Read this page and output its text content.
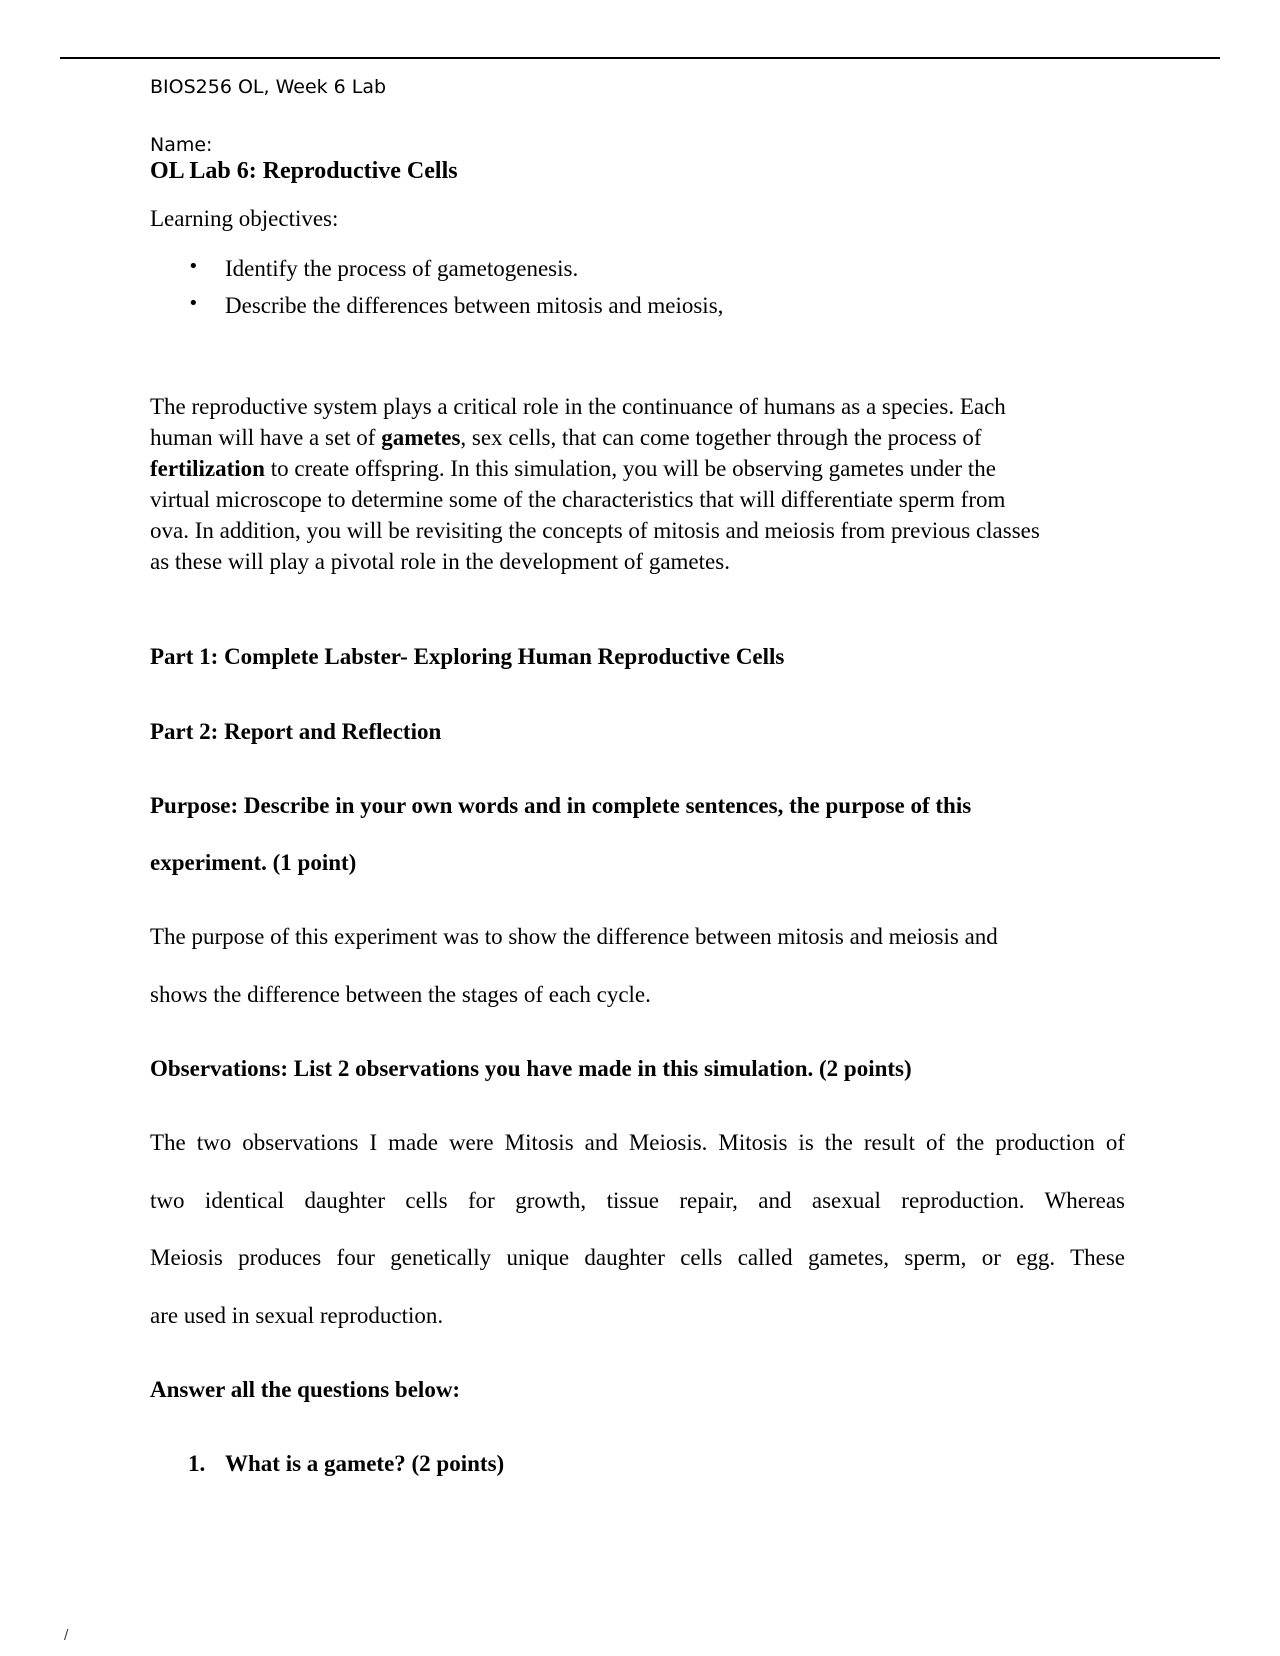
BIOS256 OL, Week 6 Lab
Name:
OL Lab 6: Reproductive Cells
Learning objectives:
• Identify the process of gametogenesis.
• Describe the differences between mitosis and meiosis,
The reproductive system plays a critical role in the continuance of humans as a species. Each
human will have a set of gametes, sex cells, that can come together through the process of
fertilization to create offspring. In this simulation, you will be observing gametes under the
virtual microscope to determine some of the characteristics that will differentiate sperm from
ova. In addition, you will be revisiting the concepts of mitosis and meiosis from previous classes
as these will play a pivotal role in the development of gametes.
Part 1: Complete Labster- Exploring Human Reproductive Cells
Part 2: Report and Reflection
Purpose: Describe in your own words and in complete sentences, the purpose of this
experiment. (1 point)
The purpose of this experiment was to show the difference between mitosis and meiosis and
shows the difference between the stages of each cycle.
Observations: List 2 observations you have made in this simulation. (2 points)
The two observations I made were Mitosis and Meiosis. Mitosis is the result of the production of
two identical daughter cells for growth, tissue repair, and asexual reproduction. Whereas
Meiosis produces four genetically unique daughter cells called gametes, sperm, or egg. These
are used in sexual reproduction.
Answer all the questions below:
1. What is a gamete? (2 points)
/
